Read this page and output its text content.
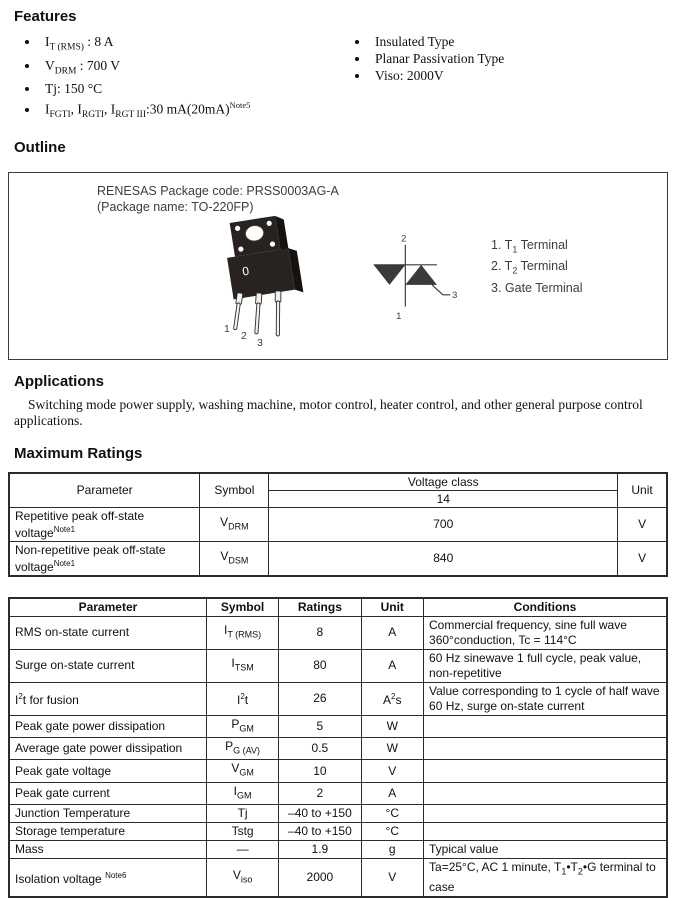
Features
• $I_{T (RMS)}$ : 8 A
• $V_{DRM}$ : 700 V
• Tj: 150 °C
• $I_{FGTI}$, $I_{RGTI}$, $I_{RGT III}:30$ mA(20mA)$^{Note5}$
• Insulated Type
• Planar Passivation Type
• Viso: 2000V
Outline
RENESAS Package code: PRSS0003AG-A
(Package name: TO-220FP)
0
1
2
3
2
1
3
1. $T_1$ Terminal
2. $T_2$ Terminal
3. Gate Terminal
Applications

Switching mode power supply, washing machine, motor control, heater control, and other general purpose control applications.

Maximum Ratings
Parameter	Symbol	Voltage class	Unit
		14	
Repetitive peak off-state voltage$^{Note1}$	$V_{DRM}$	700	V
Non-repetitive peak off-state voltage$^{Note1}$	$V_{DSM}$	840	V
Parameter	Symbol	Ratings	Unit	Conditions
RMS on-state current	$I_{T (RMS)}$	8	A	Commercial frequency, sine full wave 360°conduction, Tc = 114°C
Surge on-state current	$I_{TSM}$	80	A	60 Hz sinewave 1 full cycle, peak value, non-repetitive
I$^2$t for fusion	I$^2$t	26	A$^2$s	Value corresponding to 1 cycle of half wave 60 Hz, surge on-state current
Peak gate power dissipation	$P_{GM}$	5	W	
Average gate power dissipation	$P_{G (AV)}$	0.5	W	
Peak gate voltage	$V_{GM}$	10	V	
Peak gate current	$I_{GM}$	2	A	
Junction Temperature	Tj	–40 to +150	°C	
Storage temperature	Tstg	–40 to +150	°C	
Mass	—	1.9	g	Typical value
Isolation voltage $^{Note6}$	$V_{iso}$	2000	V	Ta=25°C, AC 1 minute, $T_1•T_2•G$ terminal to case
